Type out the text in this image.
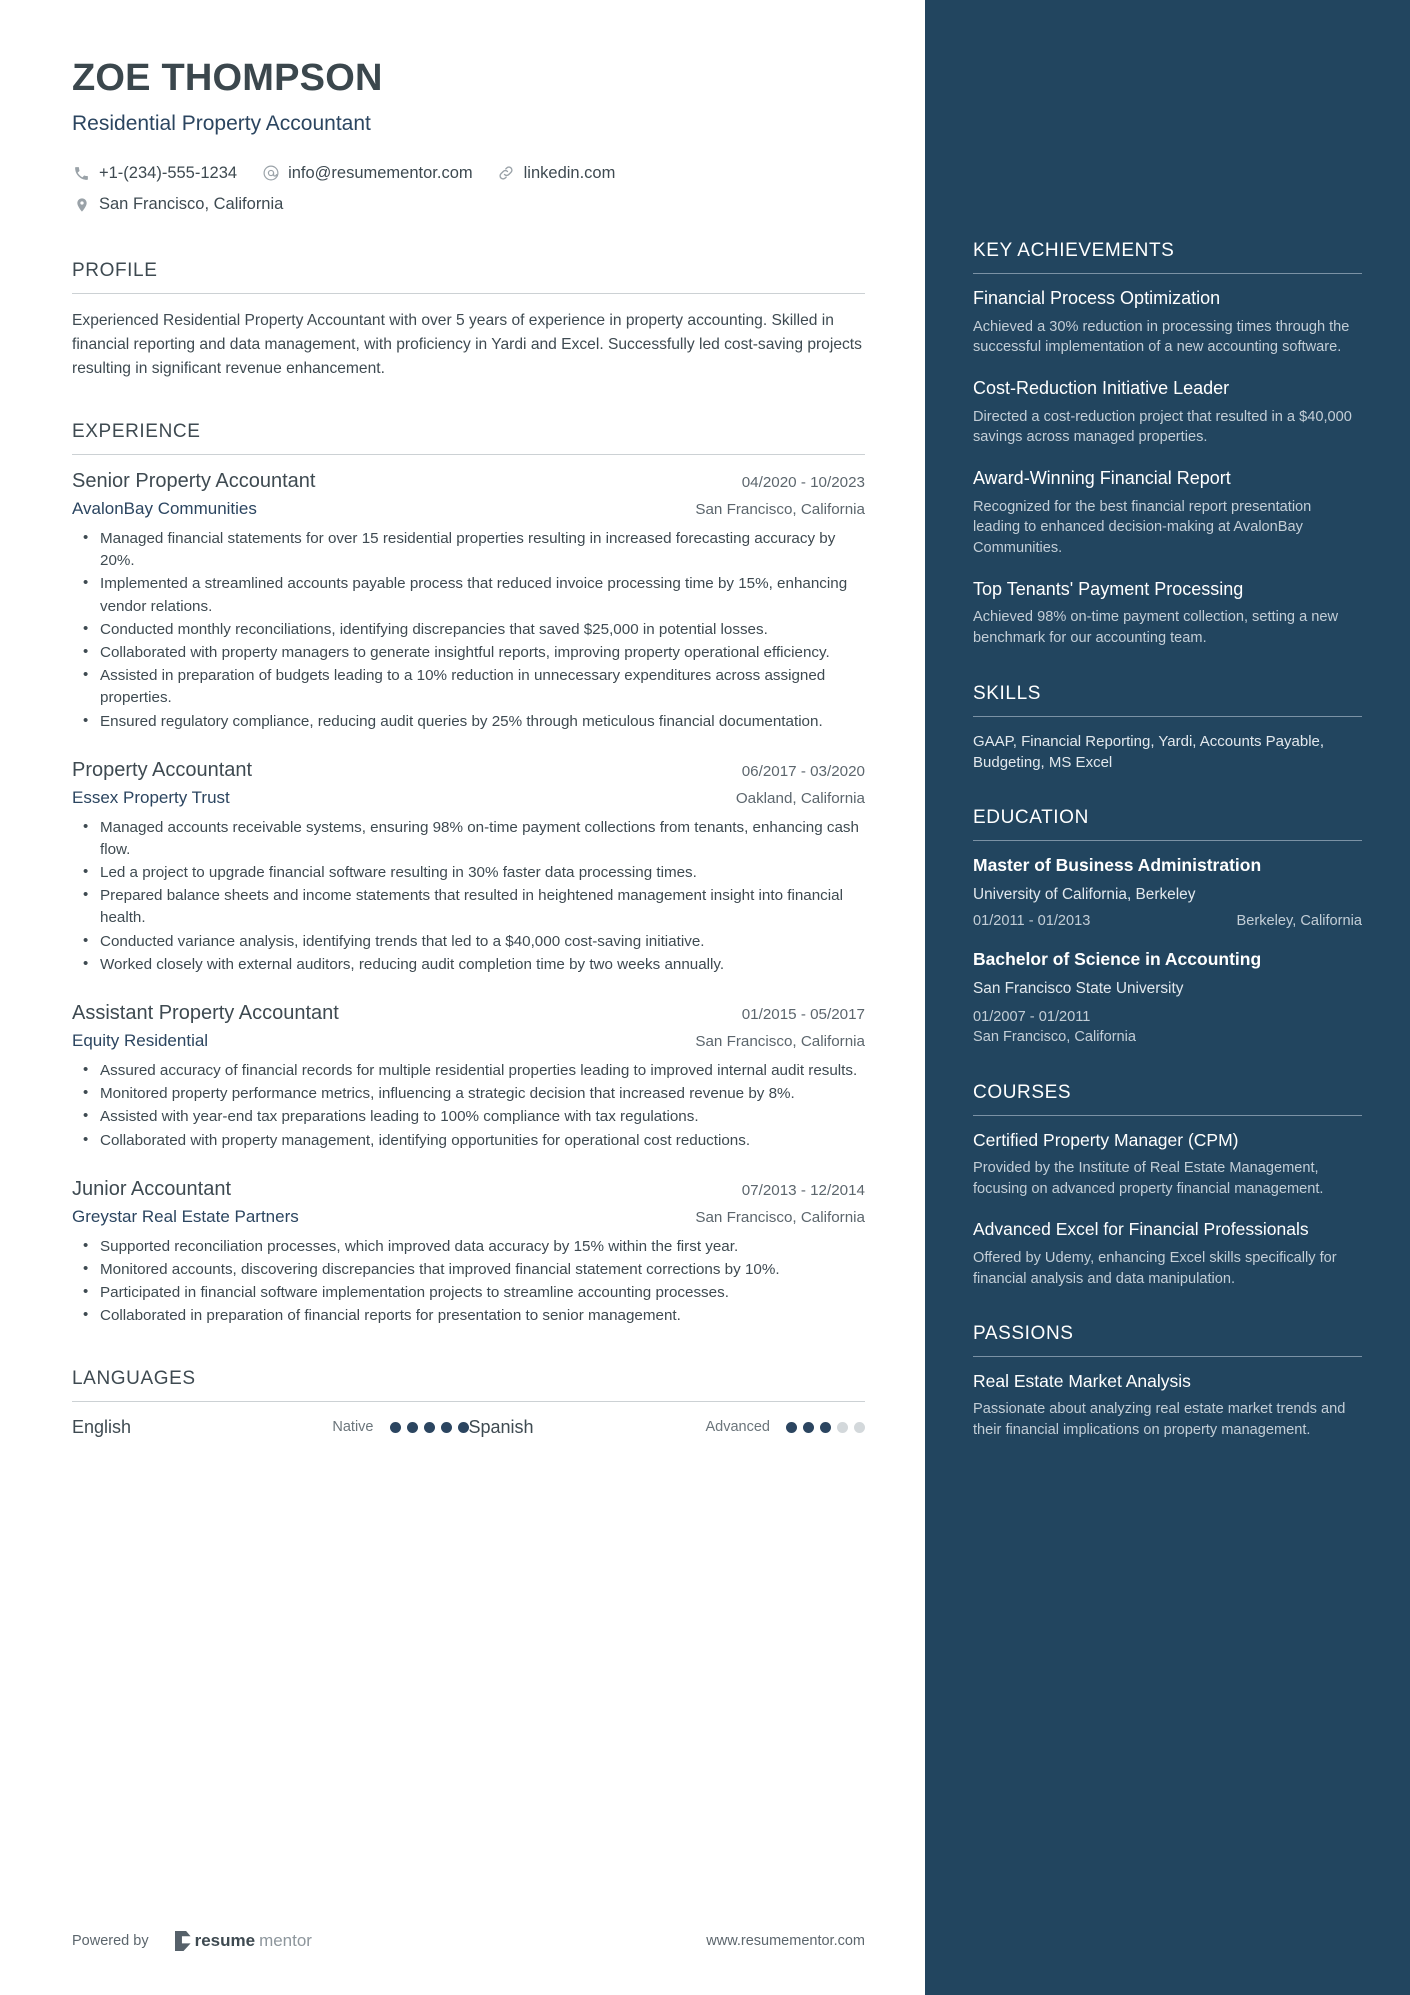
ZOE THOMPSON
Residential Property Accountant
+1-(234)-555-1234	info@resumementor.com	linkedin.com
San Francisco, California
PROFILE
Experienced Residential Property Accountant with over 5 years of experience in property accounting. Skilled in financial reporting and data management, with proficiency in Yardi and Excel. Successfully led cost-saving projects resulting in significant revenue enhancement.
EXPERIENCE
Senior Property Accountant	04/2020 - 10/2023
AvalonBay Communities	San Francisco, California
• Managed financial statements for over 15 residential properties resulting in increased forecasting accuracy by 20%.
• Implemented a streamlined accounts payable process that reduced invoice processing time by 15%, enhancing vendor relations.
• Conducted monthly reconciliations, identifying discrepancies that saved $25,000 in potential losses.
• Collaborated with property managers to generate insightful reports, improving property operational efficiency.
• Assisted in preparation of budgets leading to a 10% reduction in unnecessary expenditures across assigned properties.
• Ensured regulatory compliance, reducing audit queries by 25% through meticulous financial documentation.
Property Accountant	06/2017 - 03/2020
Essex Property Trust	Oakland, California
• Managed accounts receivable systems, ensuring 98% on-time payment collections from tenants, enhancing cash flow.
• Led a project to upgrade financial software resulting in 30% faster data processing times.
• Prepared balance sheets and income statements that resulted in heightened management insight into financial health.
• Conducted variance analysis, identifying trends that led to a $40,000 cost-saving initiative.
• Worked closely with external auditors, reducing audit completion time by two weeks annually.
Assistant Property Accountant	01/2015 - 05/2017
Equity Residential	San Francisco, California
• Assured accuracy of financial records for multiple residential properties leading to improved internal audit results.
• Monitored property performance metrics, influencing a strategic decision that increased revenue by 8%.
• Assisted with year-end tax preparations leading to 100% compliance with tax regulations.
• Collaborated with property management, identifying opportunities for operational cost reductions.
Junior Accountant	07/2013 - 12/2014
Greystar Real Estate Partners	San Francisco, California
• Supported reconciliation processes, which improved data accuracy by 15% within the first year.
• Monitored accounts, discovering discrepancies that improved financial statement corrections by 10%.
• Participated in financial software implementation projects to streamline accounting processes.
• Collaborated in preparation of financial reports for presentation to senior management.
LANGUAGES
English	Native	Spanish	Advanced
Powered by	resume mentor	www.resumementor.com
KEY ACHIEVEMENTS
Financial Process Optimization
Achieved a 30% reduction in processing times through the successful implementation of a new accounting software.
Cost-Reduction Initiative Leader
Directed a cost-reduction project that resulted in a $40,000 savings across managed properties.
Award-Winning Financial Report
Recognized for the best financial report presentation leading to enhanced decision-making at AvalonBay Communities.
Top Tenants' Payment Processing
Achieved 98% on-time payment collection, setting a new benchmark for our accounting team.
SKILLS
GAAP, Financial Reporting, Yardi, Accounts Payable, Budgeting, MS Excel
EDUCATION
Master of Business Administration
University of California, Berkeley
01/2011 - 01/2013	Berkeley, California
Bachelor of Science in Accounting
San Francisco State University
01/2007 - 01/2011
San Francisco, California
COURSES
Certified Property Manager (CPM)
Provided by the Institute of Real Estate Management, focusing on advanced property financial management.
Advanced Excel for Financial Professionals
Offered by Udemy, enhancing Excel skills specifically for financial analysis and data manipulation.
PASSIONS
Real Estate Market Analysis
Passionate about analyzing real estate market trends and their financial implications on property management.
